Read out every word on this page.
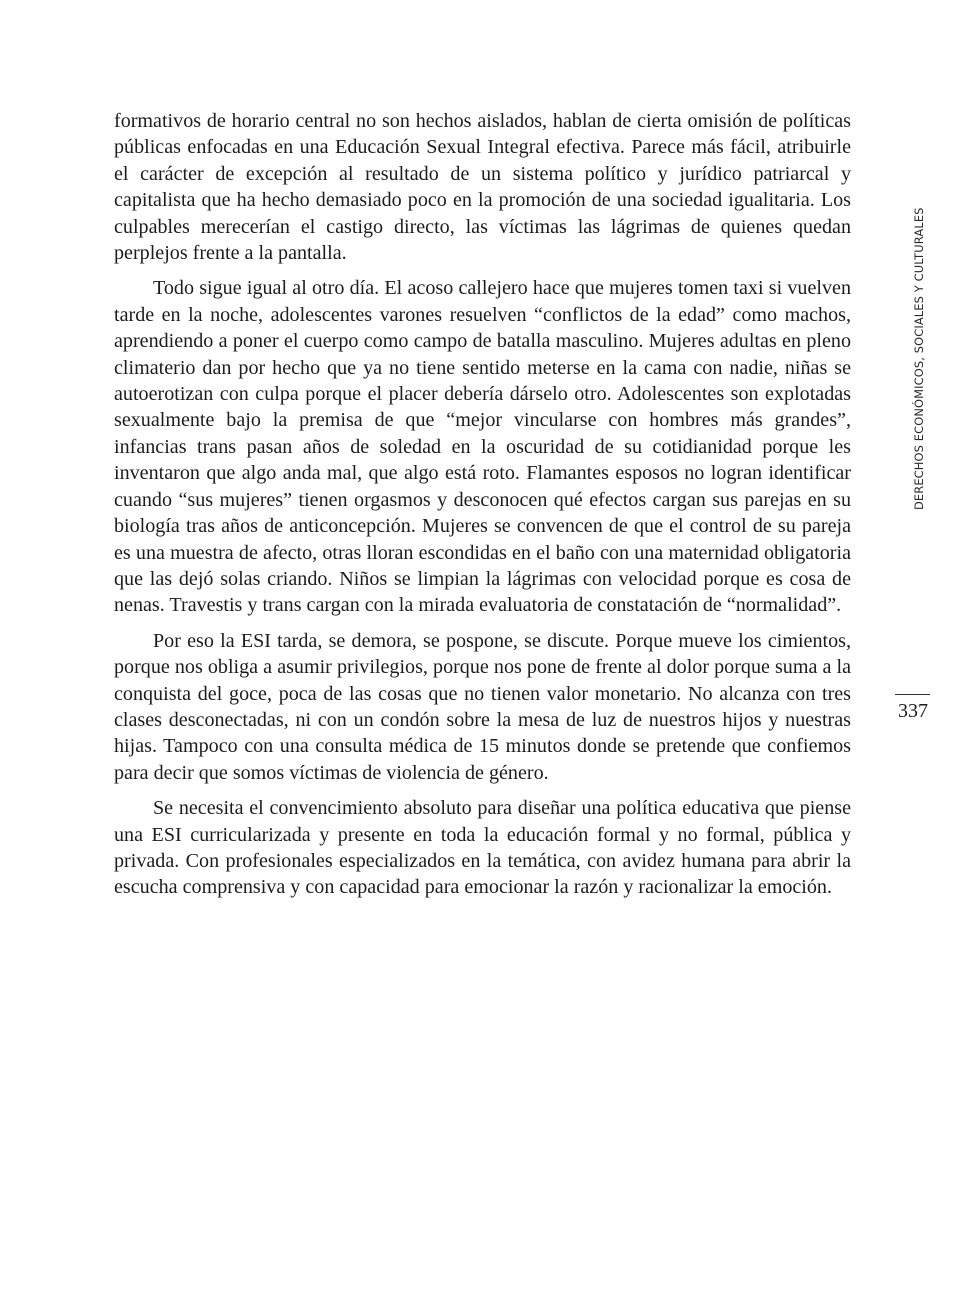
formativos de horario central no son hechos aislados, hablan de cierta omisión de políticas públicas enfocadas en una Educación Sexual Integral efectiva. Parece más fácil, atribuirle el carácter de excepción al resultado de un sistema político y jurídico patriarcal y capitalista que ha hecho demasiado poco en la promoción de una sociedad igualitaria. Los culpables merecerían el castigo directo, las víctimas las lágrimas de quienes quedan perplejos frente a la pantalla.

Todo sigue igual al otro día. El acoso callejero hace que mujeres tomen taxi si vuelven tarde en la noche, adolescentes varones resuelven “conflictos de la edad” como machos, aprendiendo a poner el cuerpo como campo de batalla masculino. Mujeres adultas en pleno climaterio dan por hecho que ya no tiene sentido meterse en la cama con nadie, niñas se autoerotizan con culpa porque el placer debería dárselo otro. Adolescentes son explotadas sexualmente bajo la premisa de que “mejor vincularse con hombres más grandes”, infancias trans pasan años de soledad en la oscuridad de su cotidianidad porque les inventaron que algo anda mal, que algo está roto. Flamantes esposos no logran identificar cuando “sus mujeres” tienen orgasmos y desconocen qué efectos cargan sus parejas en su biología tras años de anticoncepción. Mujeres se convencen de que el control de su pareja es una muestra de afecto, otras lloran escondidas en el baño con una maternidad obligatoria que las dejó solas criando. Niños se limpian la lágrimas con velocidad porque es cosa de nenas. Travestis y trans cargan con la mirada evaluatoria de constatación de “normalidad”.

Por eso la ESI tarda, se demora, se pospone, se discute. Porque mueve los cimientos, porque nos obliga a asumir privilegios, porque nos pone de frente al dolor porque suma a la conquista del goce, poca de las cosas que no tienen valor monetario. No alcanza con tres clases desconectadas, ni con un condón sobre la mesa de luz de nuestros hijos y nuestras hijas. Tampoco con una consulta médica de 15 minutos donde se pretende que confiemos para decir que somos víctimas de violencia de género.

Se necesita el convencimiento absoluto para diseñar una política educativa que piense una ESI curricularizada y presente en toda la educación formal y no formal, pública y privada. Con profesionales especializados en la temática, con avidez humana para abrir la escucha comprensiva y con capacidad para emocionar la razón y racionalizar la emoción.

DERECHOS ECONÓMICOS, SOCIALES Y CULTURALES
337
